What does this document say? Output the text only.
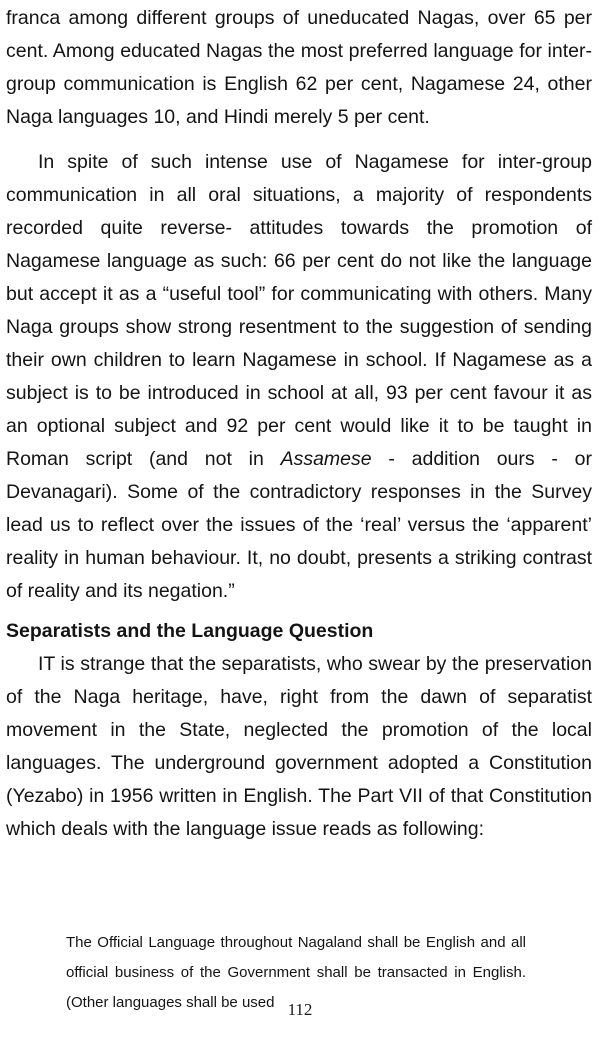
franca among different groups of uneducated Nagas, over 65 per cent. Among educated Nagas the most preferred language for inter-group communication is English 62 per cent, Nagamese 24, other Naga languages 10, and Hindi merely 5 per cent.

In spite of such intense use of Nagamese for inter-group communication in all oral situations, a majority of respondents recorded quite reverse- attitudes towards the promotion of Nagamese language as such: 66 per cent do not like the language but accept it as a “useful tool” for communicating with others. Many Naga groups show strong resentment to the suggestion of sending their own children to learn Nagamese in school. If Nagamese as a subject is to be introduced in school at all, 93 per cent favour it as an optional subject and 92 per cent would like it to be taught in Roman script (and not in Assamese - addition ours - or Devanagari). Some of the contradictory responses in the Survey lead us to reflect over the issues of the ‘real’ versus the ‘apparent’ reality in human behaviour. It, no doubt, presents a striking contrast of reality and its negation.”

Separatists and the Language Question

IT is strange that the separatists, who swear by the preservation of the Naga heritage, have, right from the dawn of separatist movement in the State, neglected the promotion of the local languages. The underground government adopted a Constitution (Yezabo) in 1956 written in English. The Part VII of that Constitution which deals with the language issue reads as following:

The Official Language throughout Nagaland shall be English and all official business of the Government shall be transacted in English. (Other languages shall be used 112
